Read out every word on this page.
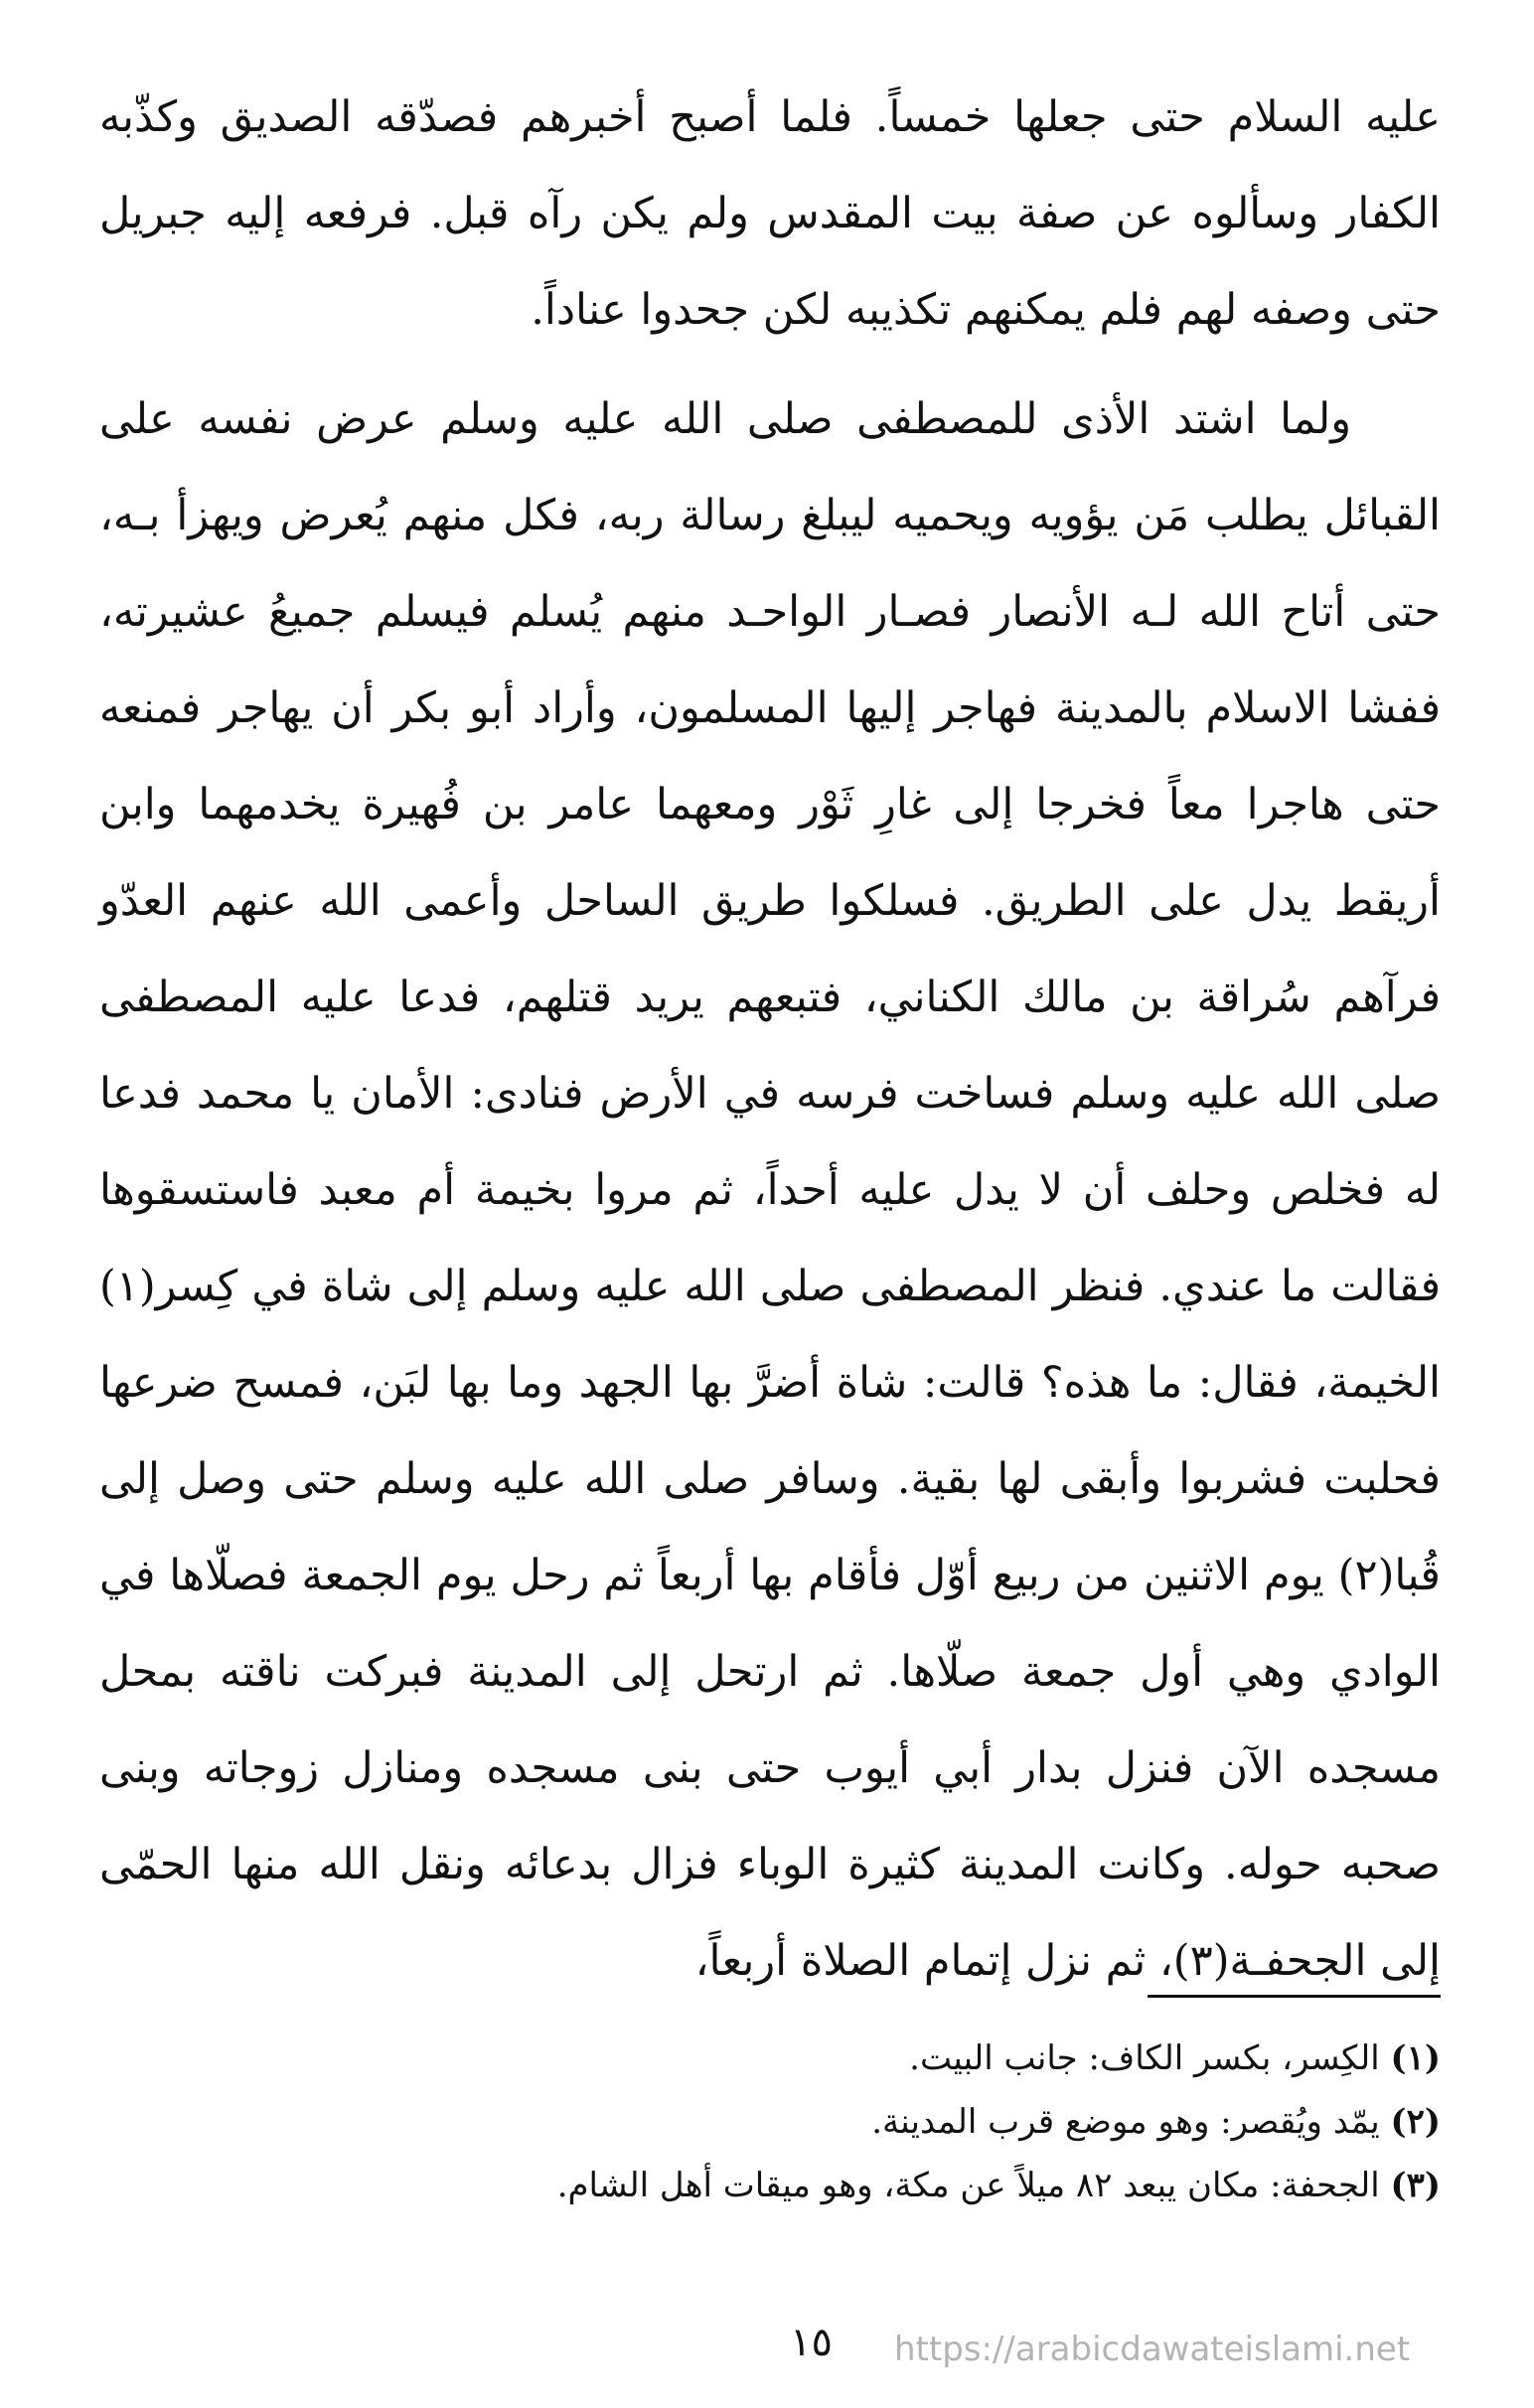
عليه السلام حتى جعلها خمساً. فلما أصبح أخبرهم فصدّقه الصديق وكذّبه الكفار وسألوه عن صفة بيت المقدس ولم يكن رآه قبل. فرفعه إليه جبريل حتى وصفه لهم فلم يمكنهم تكذيبه لكن جحدوا عناداً.

ولما اشتد الأذى للمصطفى صلى الله عليه وسلم عرض نفسه على القبائل يطلب مَن يؤويه ويحميه ليبلغ رسالة ربه، فكل منهم يُعرض ويهزأ بـه، حتى أتاح الله لـه الأنصار فصـار الواحـد منهم يُسلم فيسلم جميعُ عشيرته، ففشا الاسلام بالمدينة فهاجر إليها المسلمون، وأراد أبو بكر أن يهاجر فمنعه حتى هاجرا معاً فخرجا إلى غارِ ثَوْر ومعهما عامر بن فُهيرة يخدمهما وابن أريقط يدل على الطريق. فسلكوا طريق الساحل وأعمى الله عنهم العدّو فرآهم سُراقة بن مالك الكناني، فتبعهم يريد قتلهم، فدعا عليه المصطفى صلى الله عليه وسلم فساخت فرسه في الأرض فنادى: الأمان يا محمد فدعا له فخلص وحلف أن لا يدل عليه أحداً، ثم مروا بخيمة أم معبد فاستسقوها فقالت ما عندي. فنظر المصطفى صلى الله عليه وسلم إلى شاة في كِسر(١) الخيمة، فقال: ما هذه؟ قالت: شاة أضرَّ بها الجهد وما بها لبَن، فمسح ضرعها فحلبت فشربوا وأبقى لها بقية. وسافر صلى الله عليه وسلم حتى وصل إلى قُبا(٢) يوم الاثنين من ربيع أوّل فأقام بها أربعاً ثم رحل يوم الجمعة فصلّاها في الوادي وهي أول جمعة صلّاها. ثم ارتحل إلى المدينة فبركت ناقته بمحل مسجده الآن فنزل بدار أبي أيوب حتى بنى مسجده ومنازل زوجاته وبنى صحبه حوله. وكانت المدينة كثيرة الوباء فزال بدعائه ونقل الله منها الحمّى إلى الجحفـة(٣)، ثم نزل إتمام الصلاة أربعاً،

(١) الكِسر، بكسر الكاف: جانب البيت.

(٢) يمّد ويُقصر: وهو موضع قرب المدينة.

(٣) الجحفة: مكان يبعد ٨٢ ميلاً عن مكة، وهو ميقات أهل الشام.

١٥ https://arabicdawateislami.net
